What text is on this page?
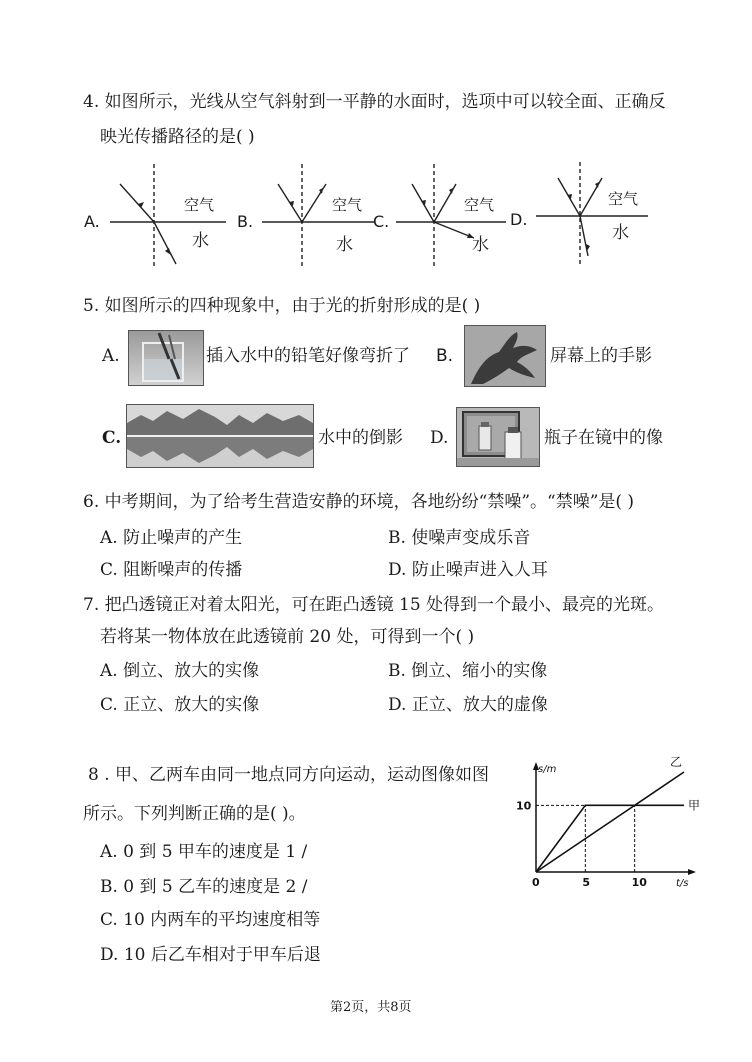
4. 如图所示，光线从空气斜射到一平静的水面时，选项中可以较全面、正确反
映光传播路径的是( )
A.
空气
水
B.
空气
水
C.
空气
水
D.
空气
水
5. 如图所示的四种现象中，由于光的折射形成的是( )
A.	插入水中的铅笔好像弯折了 B.	屏幕上的手影
C.	水中的倒影 D.	瓶子在镜中的像
6. 中考期间，为了给考生营造安静的环境，各地纷纷“禁噪”。“禁噪”是( )
A. 防止噪声的产生	B. 使噪声变成乐音
C. 阻断噪声的传播	D. 防止噪声进入人耳
7. 把凸透镜正对着太阳光，可在距凸透镜 15 处得到一个最小、最亮的光斑。
若将某一物体放在此透镜前 20 处，可得到一个( )
A. 倒立、放大的实像	B. 倒立、缩小的实像
C. 正立、放大的实像	D. 正立、放大的虚像
8 . 甲、乙两车由同一地点同方向运动，运动图像如图
所示。下列判断正确的是( )。
A. 0 到 5 甲车的速度是 1 /
B. 0 到 5 乙车的速度是 2 /
C. 10 内两车的平均速度相等
D. 10 后乙车相对于甲车后退
s/m
t/s
0	5	10
10	甲
乙
第2页，共8页
